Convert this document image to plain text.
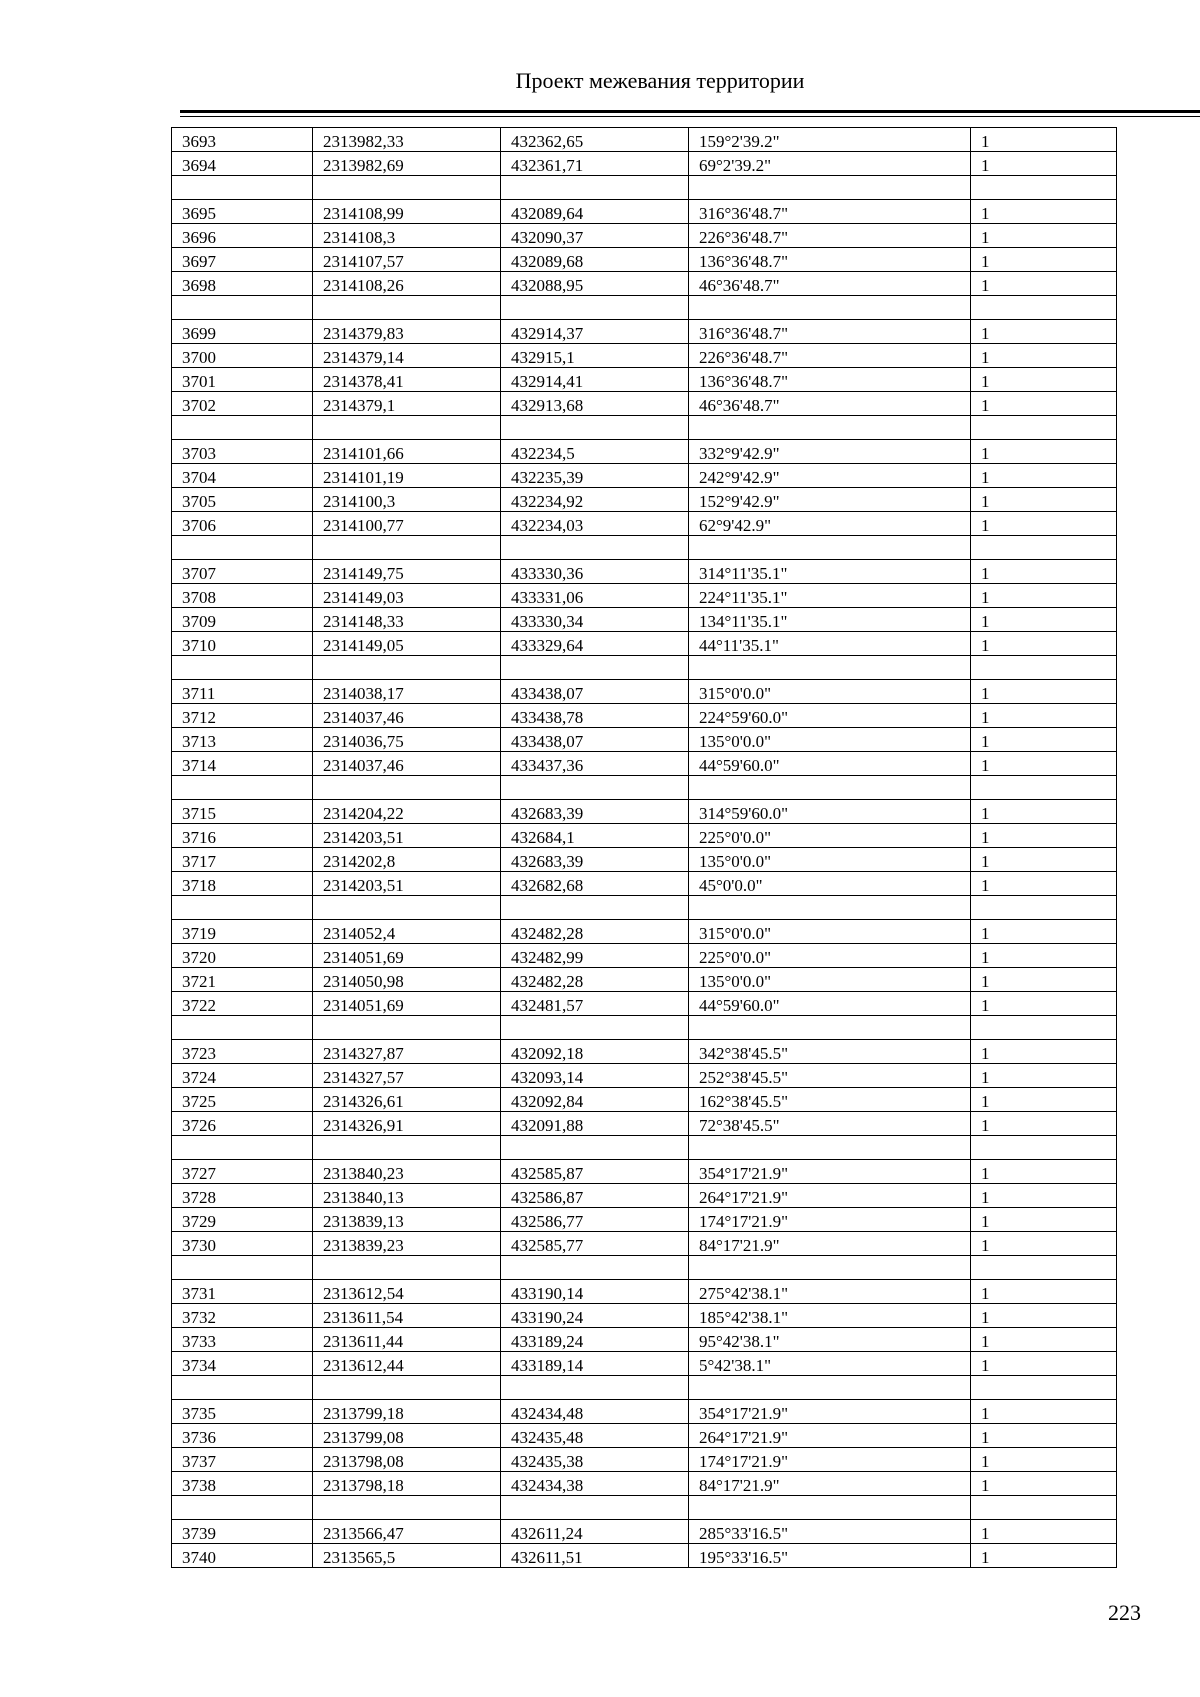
Проект межевания территории
3693	2313982,33	432362,65	159°2'39.2"	1
3694	2313982,69	432361,71	69°2'39.2"	1

3695	2314108,99	432089,64	316°36'48.7"	1
3696	2314108,3	432090,37	226°36'48.7"	1
3697	2314107,57	432089,68	136°36'48.7"	1
3698	2314108,26	432088,95	46°36'48.7"	1

3699	2314379,83	432914,37	316°36'48.7"	1
3700	2314379,14	432915,1	226°36'48.7"	1
3701	2314378,41	432914,41	136°36'48.7"	1
3702	2314379,1	432913,68	46°36'48.7"	1

3703	2314101,66	432234,5	332°9'42.9"	1
3704	2314101,19	432235,39	242°9'42.9"	1
3705	2314100,3	432234,92	152°9'42.9"	1
3706	2314100,77	432234,03	62°9'42.9"	1

3707	2314149,75	433330,36	314°11'35.1"	1
3708	2314149,03	433331,06	224°11'35.1"	1
3709	2314148,33	433330,34	134°11'35.1"	1
3710	2314149,05	433329,64	44°11'35.1"	1

3711	2314038,17	433438,07	315°0'0.0"	1
3712	2314037,46	433438,78	224°59'60.0"	1
3713	2314036,75	433438,07	135°0'0.0"	1
3714	2314037,46	433437,36	44°59'60.0"	1

3715	2314204,22	432683,39	314°59'60.0"	1
3716	2314203,51	432684,1	225°0'0.0"	1
3717	2314202,8	432683,39	135°0'0.0"	1
3718	2314203,51	432682,68	45°0'0.0"	1

3719	2314052,4	432482,28	315°0'0.0"	1
3720	2314051,69	432482,99	225°0'0.0"	1
3721	2314050,98	432482,28	135°0'0.0"	1
3722	2314051,69	432481,57	44°59'60.0"	1

3723	2314327,87	432092,18	342°38'45.5"	1
3724	2314327,57	432093,14	252°38'45.5"	1
3725	2314326,61	432092,84	162°38'45.5"	1
3726	2314326,91	432091,88	72°38'45.5"	1

3727	2313840,23	432585,87	354°17'21.9"	1
3728	2313840,13	432586,87	264°17'21.9"	1
3729	2313839,13	432586,77	174°17'21.9"	1
3730	2313839,23	432585,77	84°17'21.9"	1

3731	2313612,54	433190,14	275°42'38.1"	1
3732	2313611,54	433190,24	185°42'38.1"	1
3733	2313611,44	433189,24	95°42'38.1"	1
3734	2313612,44	433189,14	5°42'38.1"	1

3735	2313799,18	432434,48	354°17'21.9"	1
3736	2313799,08	432435,48	264°17'21.9"	1
3737	2313798,08	432435,38	174°17'21.9"	1
3738	2313798,18	432434,38	84°17'21.9"	1

3739	2313566,47	432611,24	285°33'16.5"	1
3740	2313565,5	432611,51	195°33'16.5"	1
223
